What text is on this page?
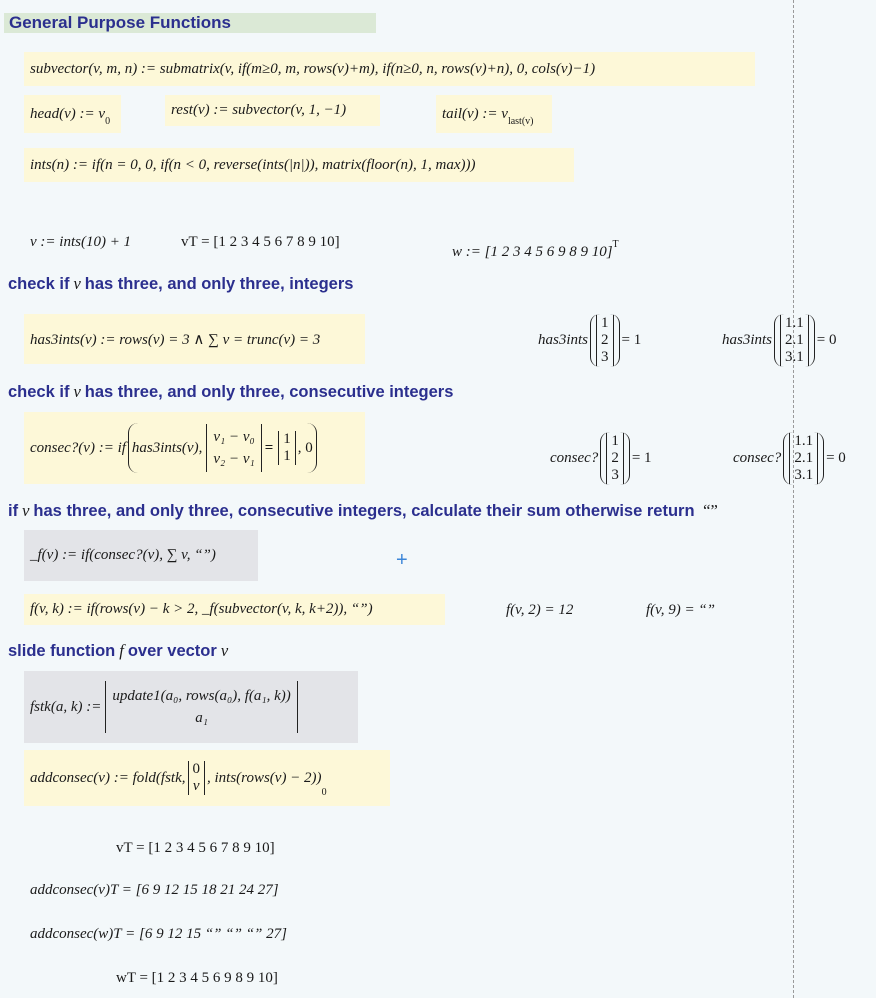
General Purpose Functions
subvector(v, m, n) := submatrix(v, if(m≥0, m, rows(v)+m), if(n≥0, n, rows(v)+n), 0, cols(v)−1)
head(v) := v 0
rest(v) := subvector(v, 1, −1)	tail(v) := v last(v)
ints(n) := if(n = 0, 0, if(n < 0, reverse(ints(|n|)), matrix(floor(n), 1, max)))
v := ints(10) + 1	vT = [1 2 3 4 5 6 7 8 9 10]
w := [1 2 3 4 5 6 9 8 9 10] T
check if v has three, and only three, integers
has3ints(v) := rows(v) = 3 ∧ ∑ v = trunc(v) = 3	has3ints
1
2
3
= 1	has3ints
1.1
2.1
3.1
= 0
check if v has three, and only three, consecutive integers
consec?(v) := if has3ints(v),
v₁ − v₀
v₂ − v₁
=
1
1
, 0
consec?
1
2
3
= 1	consec?
1.1
2.1
3.1
= 0
if v has three, and only three, consecutive integers, calculate their sum otherwise return “”
_f(v) := if(consec?(v), ∑ v, “”)	+
f(v, k) := if(rows(v) − k > 2, _f(subvector(v, k, k+2)), “”)	f(v, 2) = 12	f(v, 9) = “”
slide function f over vector v
fstk(a, k) :=
update1(a₀, rows(a₀), f(a₁, k))
a₁
addconsec(v) := fold(fstk,
0
v
, ints(rows(v) − 2))
0
vT = [1 2 3 4 5 6 7 8 9 10]
addconsec(v)T = [6 9 12 15 18 21 24 27]
addconsec(w)T = [6 9 12 15 “” “” “” 27]
wT = [1 2 3 4 5 6 9 8 9 10]
